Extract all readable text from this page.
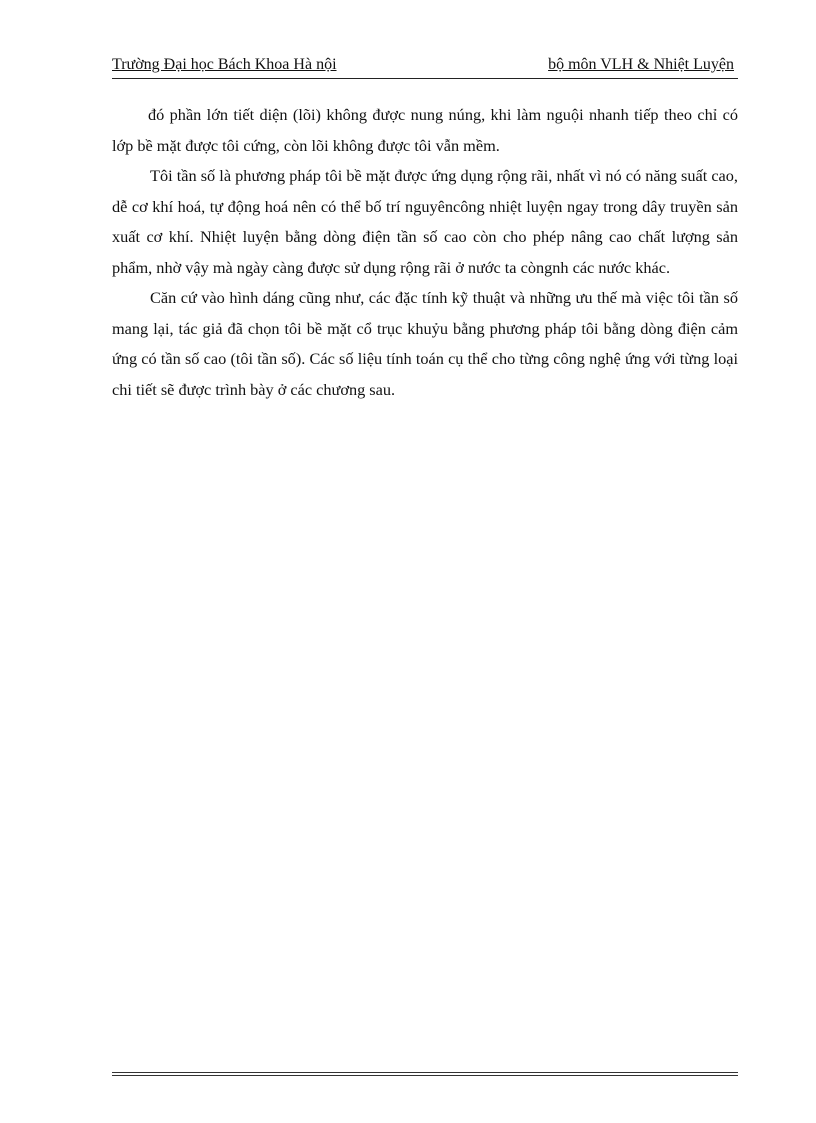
Trường Đại học Bách Khoa Hà nội	bộ môn VLH & Nhiệt Luyện

đó phần lớn tiết diện (lõi) không được nung núng, khi làm nguội nhanh tiếp theo chỉ có lớp bề mặt được tôi cứng, còn lõi không được tôi vẫn mềm.

Tôi tần số là phương pháp tôi bề mặt được ứng dụng rộng rãi, nhất vì nó có năng suất cao, dễ cơ khí hoá, tự động hoá nên có thể bố trí nguyêncông nhiệt luyện ngay trong dây truyền sản xuất cơ khí. Nhiệt luyện bằng dòng điện tần số cao còn cho phép nâng cao chất lượng sản phẩm, nhờ vậy mà ngày càng được sử dụng rộng rãi ở nước ta còngnh các nước khác.

Căn cứ vào hình dáng cũng như, các đặc tính kỹ thuật và những ưu thế mà việc tôi tần số mang lại, tác giả đã chọn tôi bề mặt cổ trục khuỷu bằng phương pháp tôi bằng dòng điện cảm ứng có tần số cao (tôi tần số). Các số liệu tính toán cụ thể cho từng công nghệ ứng với từng loại chi tiết sẽ được trình bày ở các chương sau.
